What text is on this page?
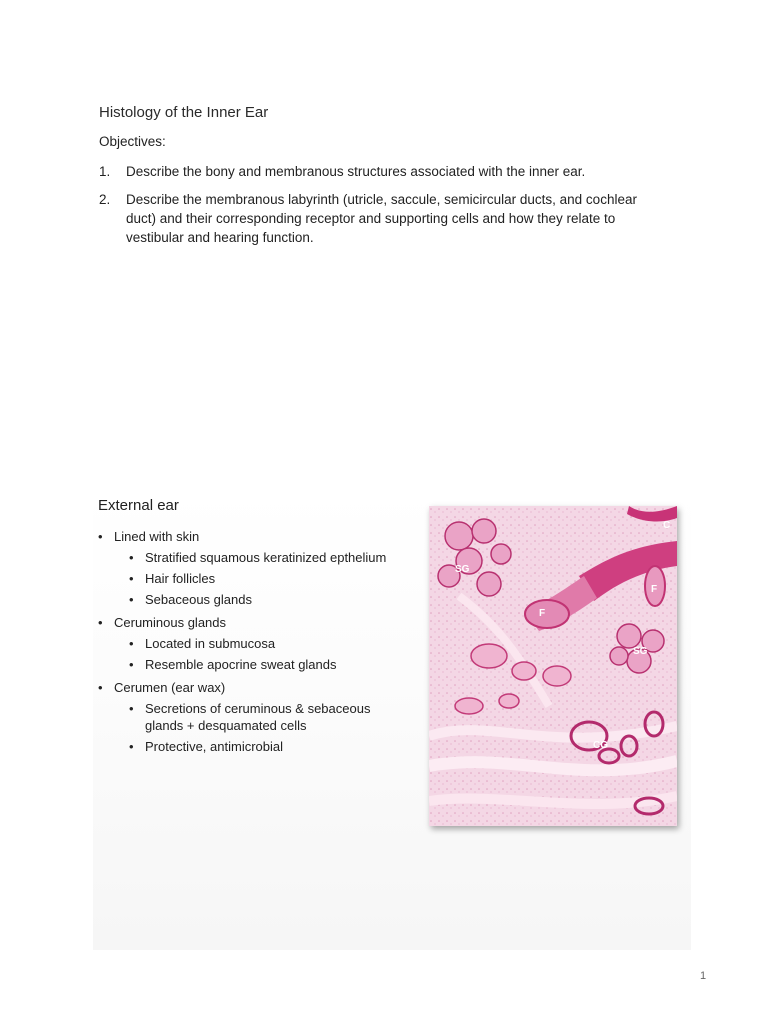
Histology of the Inner Ear
Objectives:
1. Describe the bony and membranous structures associated with the inner ear.
2. Describe the membranous labyrinth (utricle, saccule, semicircular ducts, and cochlear duct) and their corresponding receptor and supporting cells and how they relate to vestibular and hearing function.
External ear
• Lined with skin
• Stratified squamous keratinized epthelium
• Hair follicles
• Sebaceous glands
• Ceruminous glands
• Located in submucosa
• Resemble apocrine sweat glands
• Cerumen (ear wax)
• Secretions of ceruminous & sebaceous glands + desquamated cells
• Protective, antimicrobial
C
SG
F
F
SG
CG
1
